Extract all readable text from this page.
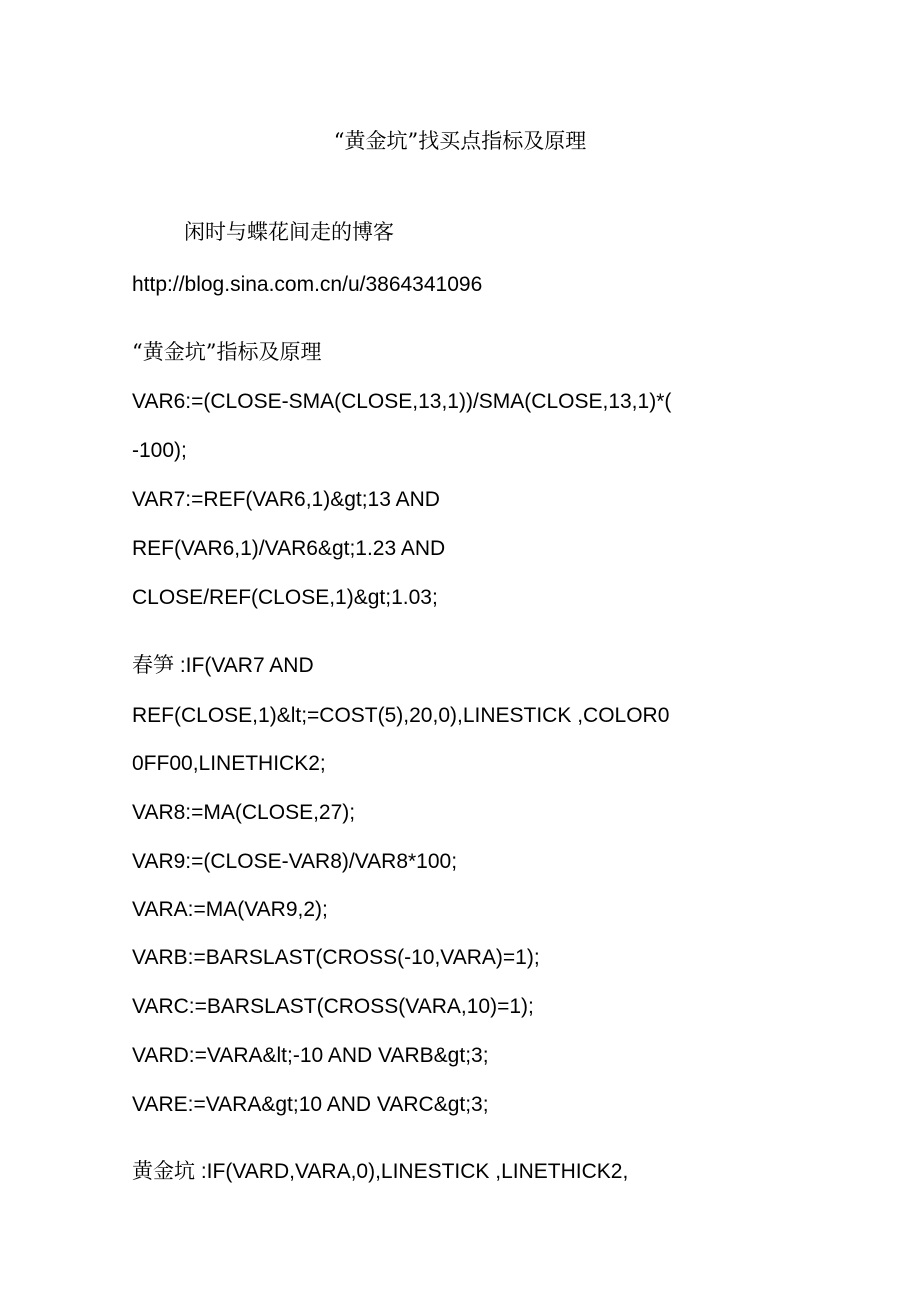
“黄金坑”找买点指标及原理
闲时与蝶花间走的博客
http://blog.sina.com.cn/u/3864341096
“黄金坑”指标及原理
VAR6:=(CLOSE-SMA(CLOSE,13,1))/SMA(CLOSE,13,1)*(
-100);
VAR7:=REF(VAR6,1)&gt;13 AND
REF(VAR6,1)/VAR6&gt;1.23 AND
CLOSE/REF(CLOSE,1)&gt;1.03;
春笋 :IF(VAR7 AND
REF(CLOSE,1)&lt;=COST(5),20,0),LINESTICK ,COLOR0
0FF00,LINETHICK2;
VAR8:=MA(CLOSE,27);
VAR9:=(CLOSE-VAR8)/VAR8*100;
VARA:=MA(VAR9,2);
VARB:=BARSLAST(CROSS(-10,VARA)=1);
VARC:=BARSLAST(CROSS(VARA,10)=1);
VARD:=VARA&lt;-10 AND VARB&gt;3;
VARE:=VARA&gt;10 AND VARC&gt;3;
黄金坑 :IF(VARD,VARA,0),LINESTICK ,LINETHICK2,
